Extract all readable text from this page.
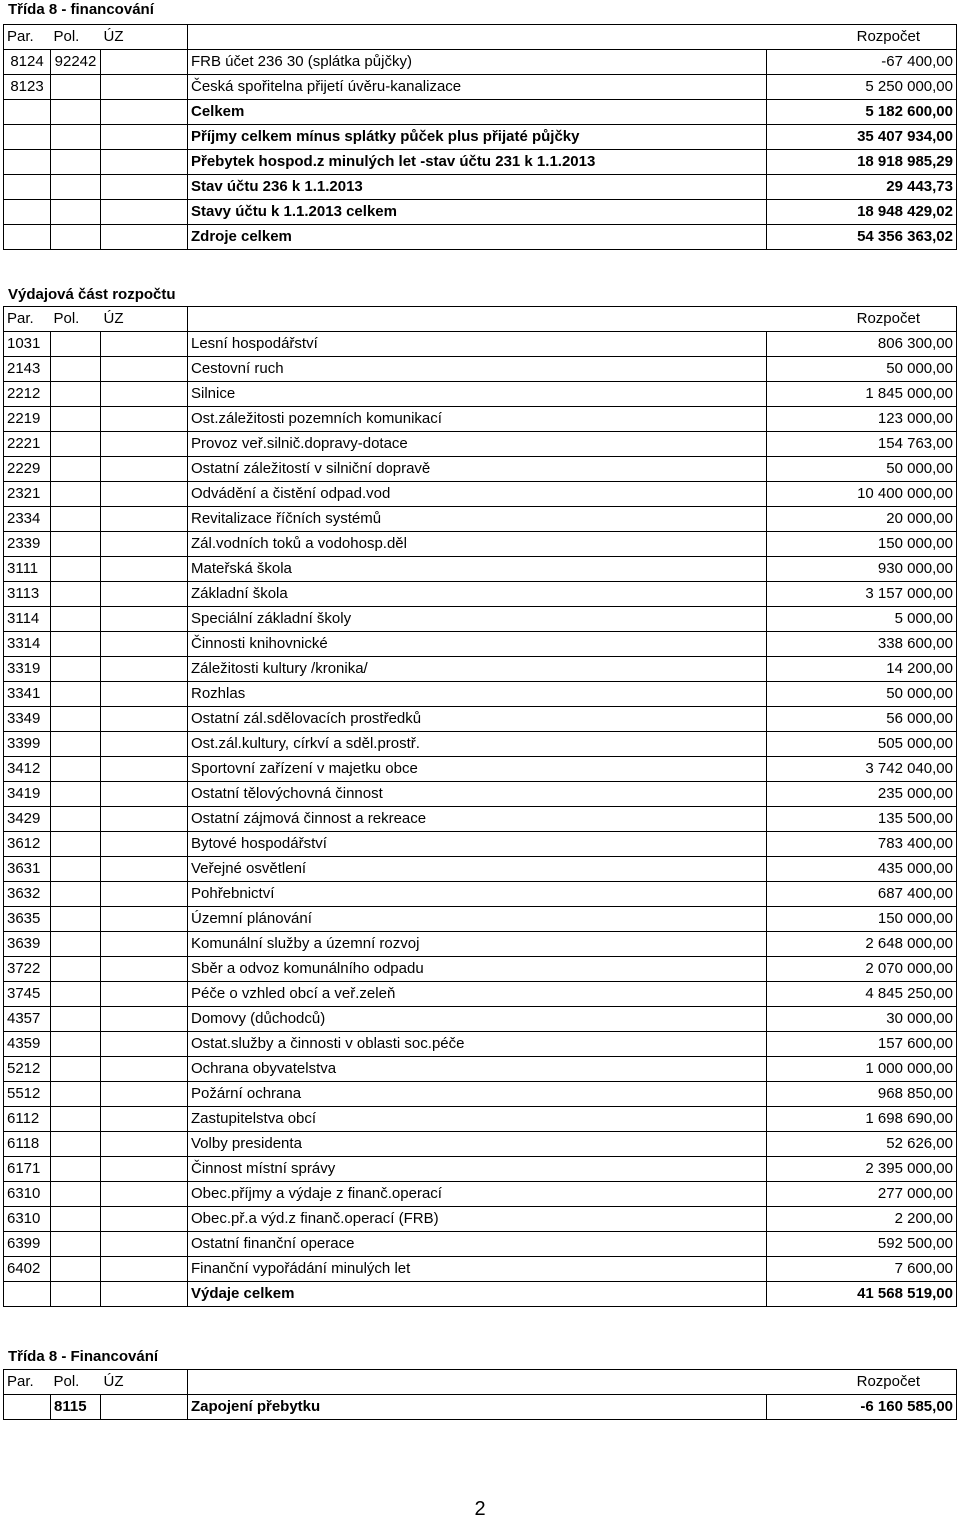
Třída 8 - financování
Par.	Pol.	ÚZ		Rozpočet
8124	92242		FRB účet 236 30 (splátka půjčky)	-67 400,00
8123			Česká spořitelna přijetí úvěru-kanalizace	5 250 000,00
			Celkem	5 182 600,00
			Příjmy celkem mínus splátky půček plus přijaté půjčky	35 407 934,00
			Přebytek hospod.z minulých let -stav účtu 231 k 1.1.2013	18 918 985,29
			Stav účtu 236 k 1.1.2013	29 443,73
			Stavy účtu k 1.1.2013 celkem	18 948 429,02
			Zdroje celkem	54 356 363,02
Výdajová část rozpočtu
Par.	Pol.	ÚZ		Rozpočet
1031			Lesní hospodářství	806 300,00
2143			Cestovní ruch	50 000,00
2212			Silnice	1 845 000,00
2219			Ost.záležitosti pozemních komunikací	123 000,00
2221			Provoz veř.silnič.dopravy-dotace	154 763,00
2229			Ostatní záležitostí v silniční dopravě	50 000,00
2321			Odvádění a čistění odpad.vod	10 400 000,00
2334			Revitalizace říčních systémů	20 000,00
2339			Zál.vodních toků a vodohosp.děl	150 000,00
3111			Mateřská škola	930 000,00
3113			Základní škola	3 157 000,00
3114			Speciální základní školy	5 000,00
3314			Činnosti knihovnické	338 600,00
3319			Záležitosti kultury /kronika/	14 200,00
3341			Rozhlas	50 000,00
3349			Ostatní zál.sdělovacích prostředků	56 000,00
3399			Ost.zál.kultury, církví a sděl.prostř.	505 000,00
3412			Sportovní zařízení v majetku obce	3 742 040,00
3419			Ostatní tělovýchovná činnost	235 000,00
3429			Ostatní zájmová činnost a rekreace	135 500,00
3612			Bytové hospodářství	783 400,00
3631			Veřejné osvětlení	435 000,00
3632			Pohřebnictví	687 400,00
3635			Územní plánování	150 000,00
3639			Komunální služby a územní rozvoj	2 648 000,00
3722			Sběr a odvoz komunálního odpadu	2 070 000,00
3745			Péče o vzhled obcí a veř.zeleň	4 845 250,00
4357			Domovy (důchodců)	30 000,00
4359			Ostat.služby a činnosti v oblasti soc.péče	157 600,00
5212			Ochrana obyvatelstva	1 000 000,00
5512			Požární ochrana	968 850,00
6112			Zastupitelstva obcí	1 698 690,00
6118			Volby presidenta	52 626,00
6171			Činnost místní správy	2 395 000,00
6310			Obec.příjmy a výdaje z finanč.operací	277 000,00
6310			Obec.př.a výd.z finanč.operací (FRB)	2 200,00
6399			Ostatní finanční operace	592 500,00
6402			Finanční vypořádání minulých let	7 600,00
			Výdaje celkem	41 568 519,00
Třída 8 - Financování
Par.	Pol.	ÚZ		Rozpočet
	8115		Zapojení přebytku	-6 160 585,00
2
